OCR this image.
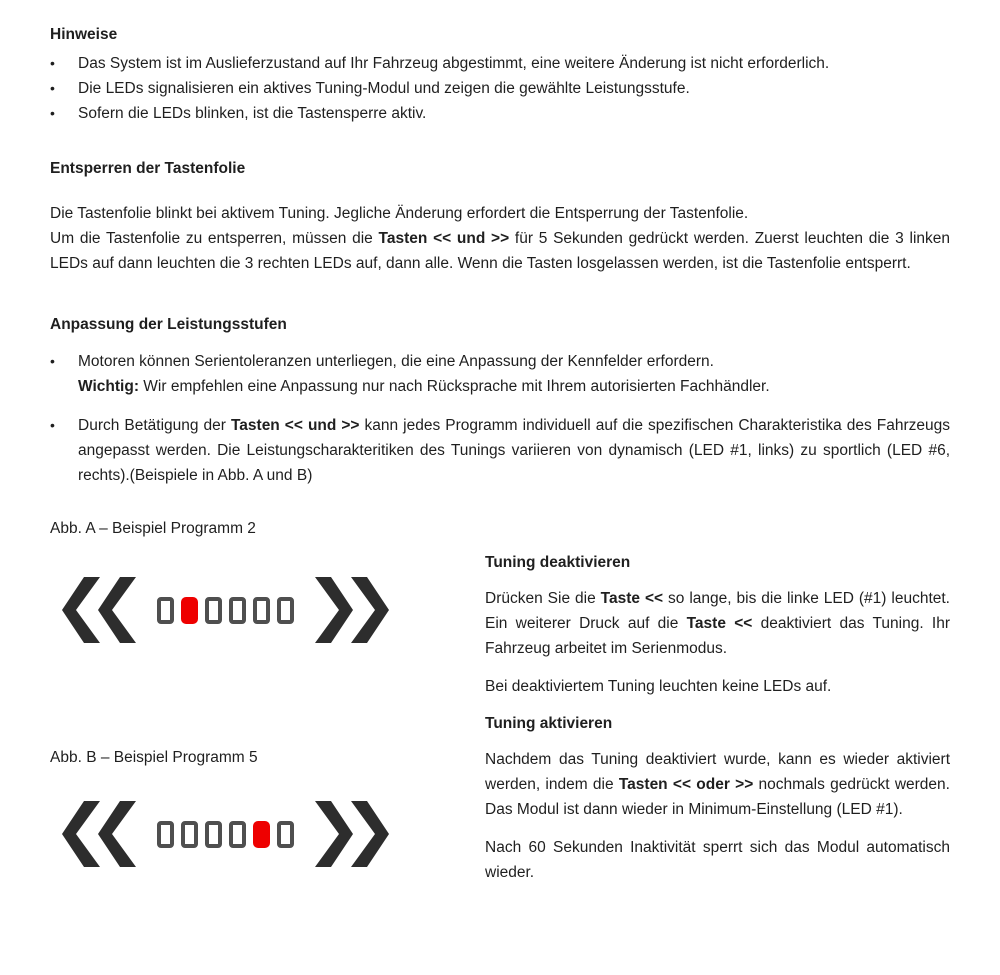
Hinweise
•	Das System ist im Auslieferzustand auf Ihr Fahrzeug abgestimmt, eine weitere Änderung ist nicht erforderlich.

•	Die LEDs signalisieren ein aktives Tuning-Modul und zeigen die gewählte Leistungsstufe.

•	Sofern die LEDs blinken, ist die Tastensperre aktiv.

Entsperren der Tastenfolie

Die Tastenfolie blinkt bei aktivem Tuning. Jegliche Änderung erfordert die Entsperrung der Tastenfolie.
Um die Tastenfolie zu entsperren, müssen die Tasten << und >> für 5 Sekunden gedrückt werden. Zuerst leuchten die 3 linken LEDs auf dann leuchten die 3 rechten LEDs auf, dann alle. Wenn die Tasten losgelassen werden, ist die Tastenfolie entsperrt.

Anpassung der Leistungsstufen
•	Motoren können Serientoleranzen unterliegen, die eine Anpassung der Kennfelder erfordern.
Wichtig: Wir empfehlen eine Anpassung nur nach Rücksprache mit Ihrem autorisierten Fachhändler.

•	Durch Betätigung der Tasten << und >> kann jedes Programm individuell auf die spezifischen Charakteristika des Fahrzeugs angepasst werden. Die Leistungscharakteritiken des Tunings variieren von dynamisch (LED #1, links) zu sportlich (LED #6, rechts).(Beispiele in Abb. A und B)

Abb. A – Beispiel Programm 2

Abb. B – Beispiel Programm 5

Tuning deaktivieren

Drücken Sie die Taste << so lange, bis die linke LED (#1) leuchtet. Ein weiterer Druck auf die Taste << deaktiviert das Tuning. Ihr Fahrzeug arbeitet im Serienmodus.

Bei deaktiviertem Tuning leuchten keine LEDs auf.

Tuning aktivieren

Nachdem das Tuning deaktiviert wurde, kann es wieder aktiviert werden, indem die Tasten << oder >> nochmals gedrückt werden. Das Modul ist dann wieder in Minimum-Einstellung (LED #1).

Nach 60 Sekunden Inaktivität sperrt sich das Modul automatisch wieder.
